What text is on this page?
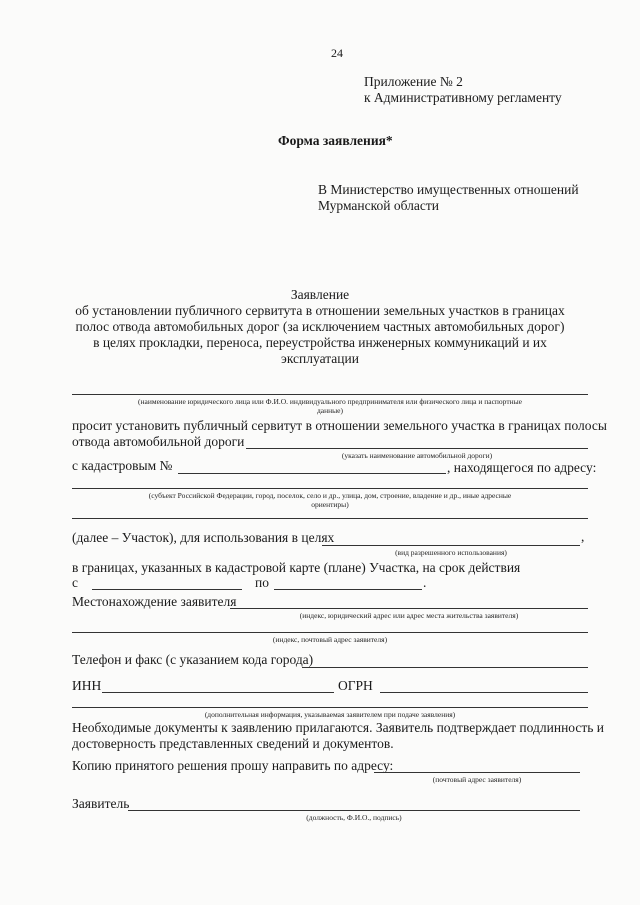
24
Приложение № 2
к Административному регламенту
Форма заявления*
В Министерство имущественных отношений
Мурманской области
Заявление
об установлении публичного сервитута в отношении земельных участков в границах
полос отвода автомобильных дорог (за исключением частных автомобильных дорог)
в целях прокладки, переноса, переустройства инженерных коммуникаций и их
эксплуатации
(наименование юридического лица или Ф.И.О. индивидуального предпринимателя или физического лица и паспортные
данные)
просит установить публичный сервитут в отношении земельного участка в границах полосы
отвода автомобильной дороги
(указать наименование автомобильной дороги)
с кадастровым №	, находящегося по адресу:
(субъект Российской Федерации, город, поселок, село и др., улица, дом, строение, владение и др., иные адресные
ориентиры)
(далее – Участок), для использования в целях	,
(вид разрешенного использования)
в границах, указанных в кадастровой карте (плане) Участка, на срок действия
с	по	.
Местонахождение заявителя
(индекс, юридический адрес или адрес места жительства заявителя)
(индекс, почтовый адрес заявителя)
Телефон и факс (с указанием кода города)
ИНН	ОГРН
(дополнительная информация, указываемая заявителем при подаче заявления)
Необходимые документы к заявлению прилагаются. Заявитель подтверждает подлинность и
достоверность представленных сведений и документов.
Копию принятого решения прошу направить по адресу:
(почтовый адрес заявителя)
Заявитель
(должность, Ф.И.О., подпись)
